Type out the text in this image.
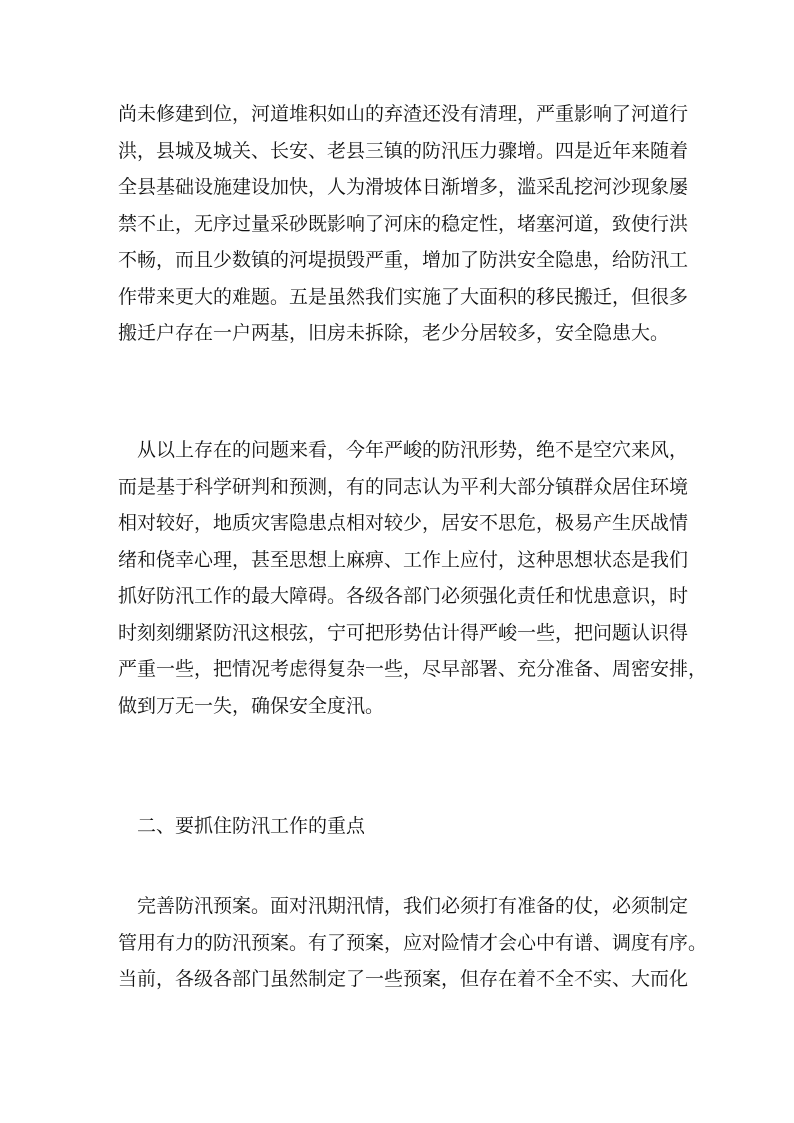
尚未修建到位，河道堆积如山的弃渣还没有清理，严重影响了河道行
洪，县城及城关、长安、老县三镇的防汛压力骤增。四是近年来随着
全县基础设施建设加快，人为滑坡体日渐增多，滥采乱挖河沙现象屡
禁不止，无序过量采砂既影响了河床的稳定性，堵塞河道，致使行洪
不畅，而且少数镇的河堤损毁严重，增加了防洪安全隐患，给防汛工
作带来更大的难题。五是虽然我们实施了大面积的移民搬迁，但很多
搬迁户存在一户两基，旧房未拆除，老少分居较多，安全隐患大。
从以上存在的问题来看，今年严峻的防汛形势，绝不是空穴来风，
而是基于科学研判和预测，有的同志认为平利大部分镇群众居住环境
相对较好，地质灾害隐患点相对较少，居安不思危，极易产生厌战情
绪和侥幸心理，甚至思想上麻痹、工作上应付，这种思想状态是我们
抓好防汛工作的最大障碍。各级各部门必须强化责任和忧患意识，时
时刻刻绷紧防汛这根弦，宁可把形势估计得严峻一些，把问题认识得
严重一些，把情况考虑得复杂一些，尽早部署、充分准备、周密安排，
做到万无一失，确保安全度汛。
二、要抓住防汛工作的重点
完善防汛预案。面对汛期汛情，我们必须打有准备的仗，必须制定
管用有力的防汛预案。有了预案，应对险情才会心中有谱、调度有序。
当前，各级各部门虽然制定了一些预案，但存在着不全不实、大而化
